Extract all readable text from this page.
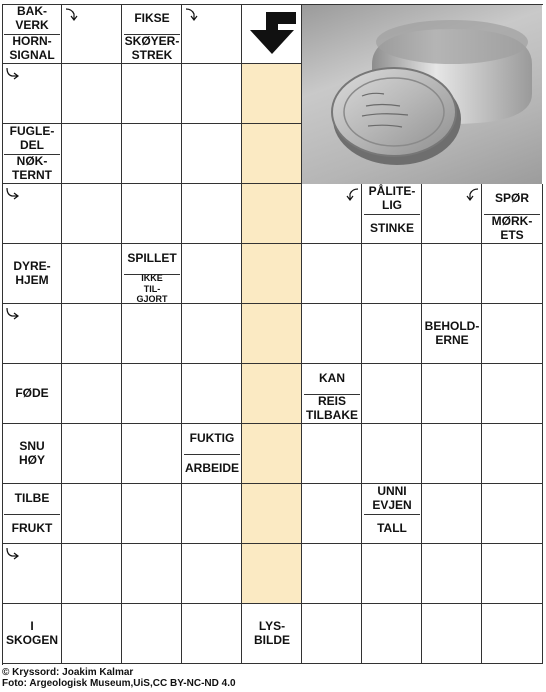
BAK-
VERK
HORN-
SIGNAL
FIKSE
SKØYER-
STREK
FUGLE-
DEL
NØK-
TERNT
PÅLITE-
LIG
STINKE
SPØR
MØRK-
ETS
DYRE-
HJEM
SPILLET
IKKE
TIL-
GJORT
BEHOLD-
ERNE
FØDE
KAN
REIS
TILBAKE
SNU
HØY
FUKTIG
ARBEIDE
TILBE
FRUKT
UNNI
EVJEN
TALL
I
SKOGEN
LYS-
BILDE
© Kryssord: Joakim Kalmar
Foto: Argeologisk Museum,UiS,CC BY-NC-ND 4.0
